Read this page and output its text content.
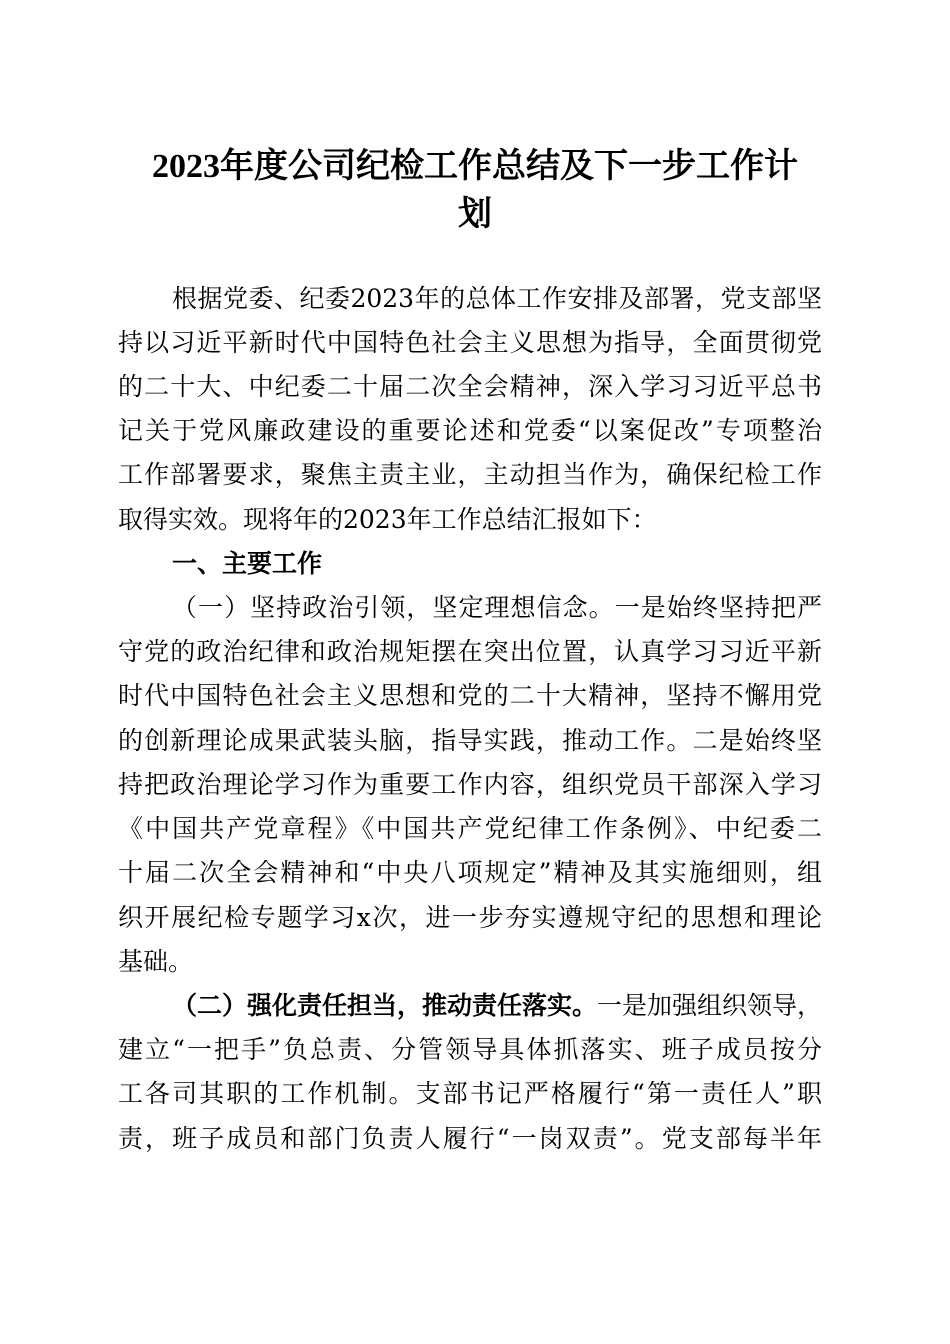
2023年度公司纪检工作总结及下一步工作计
划
根据党委、纪委2023年的总体工作安排及部署，党支部坚
持以习近平新时代中国特色社会主义思想为指导，全面贯彻党
的二十大、中纪委二十届二次全会精神，深入学习习近平总书
记关于党风廉政建设的重要论述和党委“以案促改”专项整治
工作部署要求，聚焦主责主业，主动担当作为，确保纪检工作
取得实效。现将年的2023年工作总结汇报如下：
一、主要工作
（一）坚持政治引领，坚定理想信念。一是始终坚持把严
守党的政治纪律和政治规矩摆在突出位置，认真学习习近平新
时代中国特色社会主义思想和党的二十大精神，坚持不懈用党
的创新理论成果武装头脑，指导实践，推动工作。二是始终坚
持把政治理论学习作为重要工作内容，组织党员干部深入学习
《中国共产党章程》《中国共产党纪律工作条例》、中纪委二
十届二次全会精神和“中央八项规定”精神及其实施细则，组
织开展纪检专题学习x次，进一步夯实遵规守纪的思想和理论
基础。
（二）强化责任担当，推动责任落实。一是加强组织领导，
建立“一把手”负总责、分管领导具体抓落实、班子成员按分
工各司其职的工作机制。支部书记严格履行“第一责任人”职
责，班子成员和部门负责人履行“一岗双责”。党支部每半年
